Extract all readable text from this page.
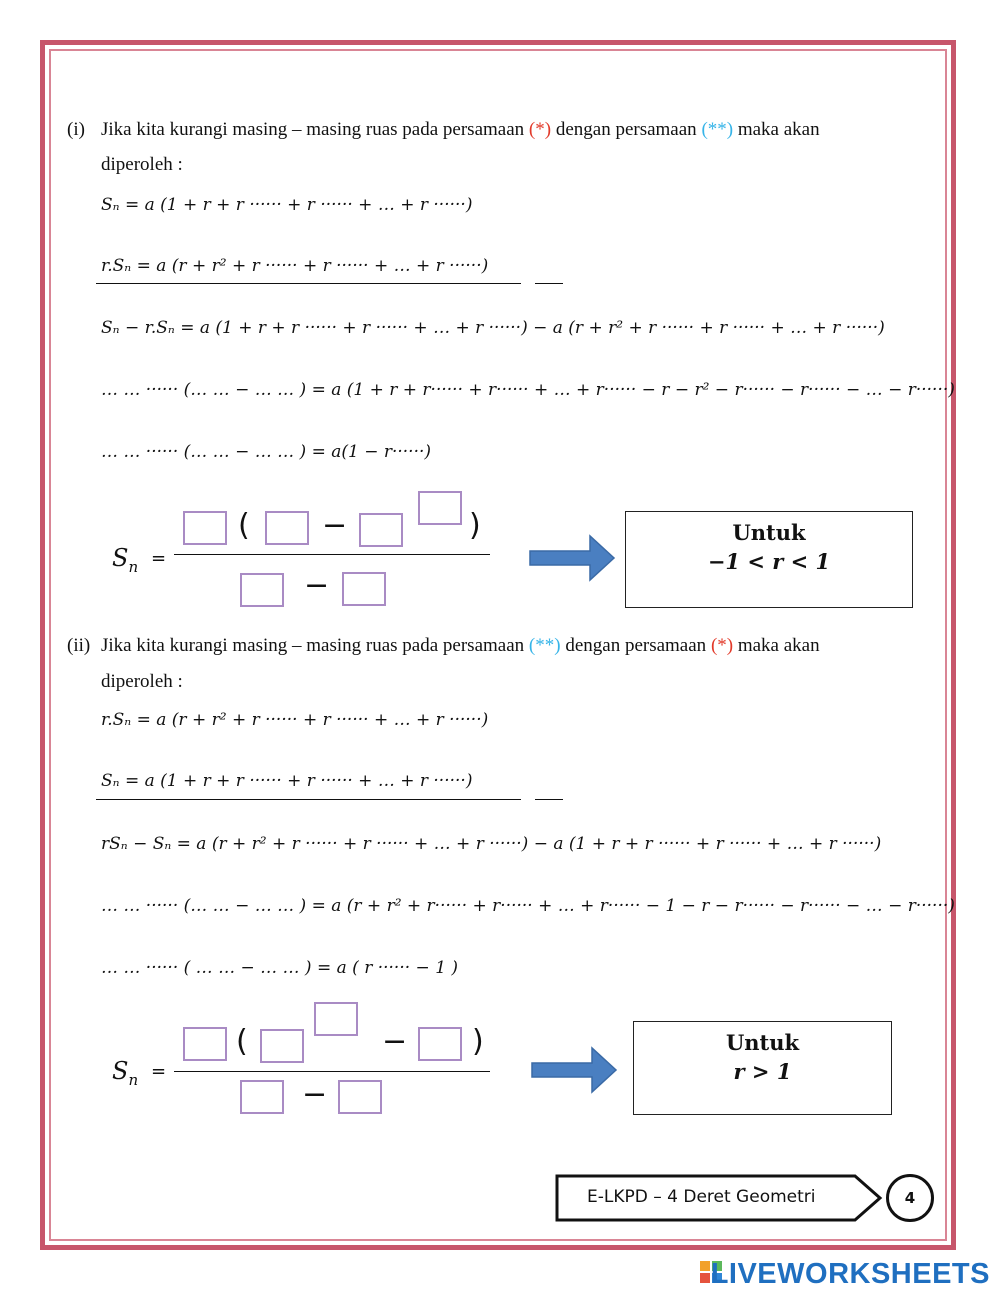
(i) Jika kita kurangi masing – masing ruas pada persamaan (*) dengan persamaan (**) maka akan
diperoleh :
Sₙ = a (1 + r + r ······ + r ······ + … + r ······)
r.Sₙ = a (r + r² + r ······ + r ······ + … + r ······)
Sₙ − r.Sₙ = a (1 + r + r ······ + r ······ + … + r ······) − a (r + r² + r ······ + r ······ + … + r ······)
… … ······ (… … − … … ) = a (1 + r + r······ + r······ + … + r······ − r − r² − r······ − r······ − … − r······)
… … ······ (… … − … … ) = a(1 − r······)
$S_n$ =
( −	)
−
Untuk
−1 < r < 1
(ii) Jika kita kurangi masing – masing ruas pada persamaan (**) dengan persamaan (*) maka akan
diperoleh :
r.Sₙ = a (r + r² + r ······ + r ······ + … + r ······)
Sₙ = a (1 + r + r ······ + r ······ + … + r ······)
rSₙ − Sₙ = a (r + r² + r ······ + r ······ + … + r ······) − a (1 + r + r ······ + r ······ + … + r ······)
… … ······ (… … − … … ) = a (r + r² + r······ + r······ + … + r······ − 1 − r − r······ − r······ − … − r······)
… … ······ ( … … − … … ) = a ( r ······ − 1 )
$S_n$ =
(	− )
−
Untuk
r > 1
E-LKPD – 4 Deret Geometri	4
LIVEWORKSHEETS
